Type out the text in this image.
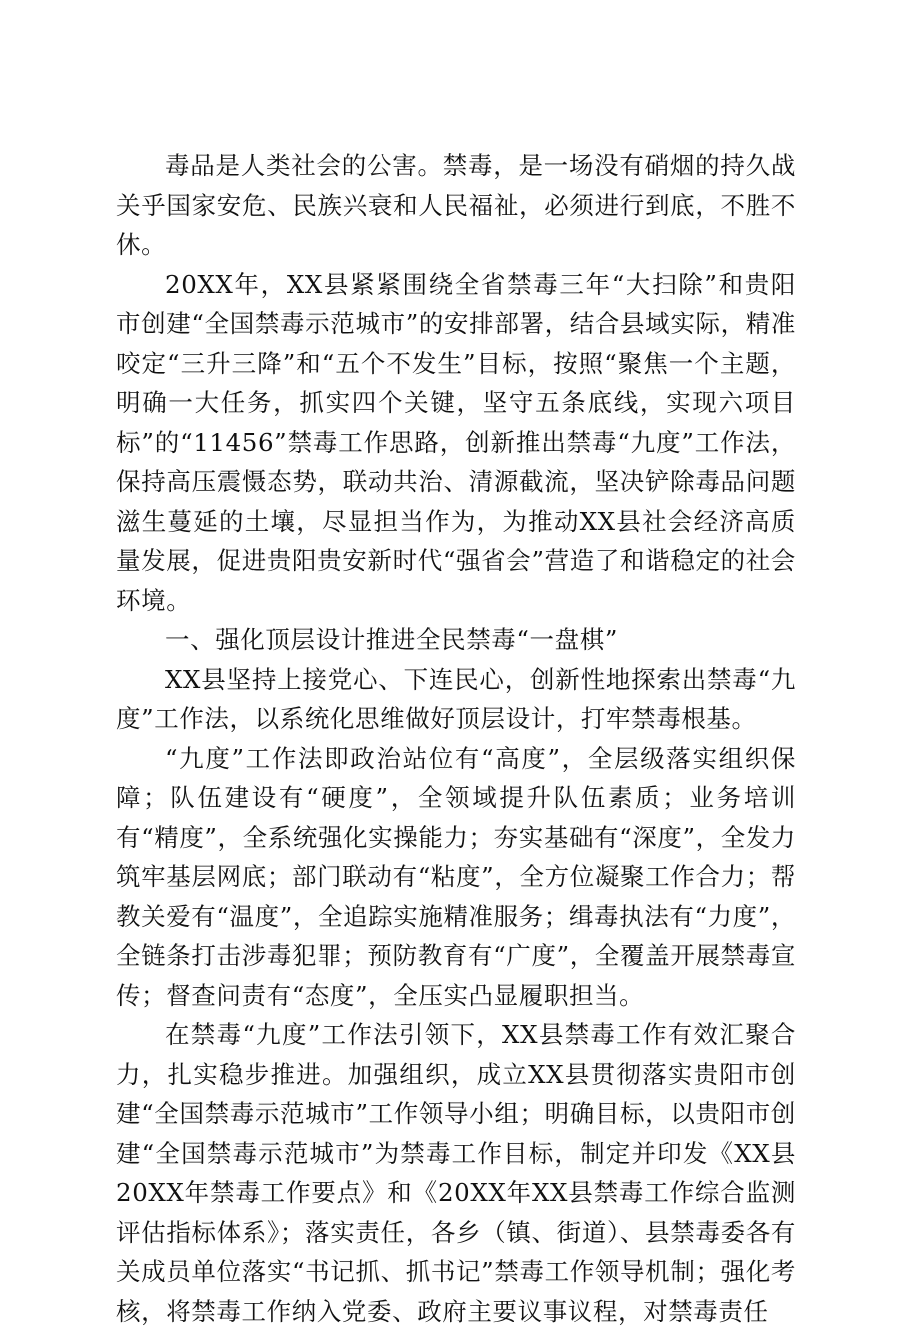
毒品是人类社会的公害。禁毒，是一场没有硝烟的持久战关乎国家安危、民族兴衰和人民福祉，必须进行到底，不胜不休。

20XX年，XX县紧紧围绕全省禁毒三年“大扫除”和贵阳市创建“全国禁毒示范城市”的安排部署，结合县域实际，精准咬定“三升三降”和“五个不发生”目标，按照“聚焦一个主题，明确一大任务，抓实四个关键，坚守五条底线，实现六项目标”的“11456”禁毒工作思路，创新推出禁毒“九度”工作法，保持高压震慑态势，联动共治、清源截流，坚决铲除毒品问题滋生蔓延的土壤，尽显担当作为，为推动XX县社会经济高质量发展，促进贵阳贵安新时代“强省会”营造了和谐稳定的社会环境。

一、强化顶层设计推进全民禁毒“一盘棋”

XX县坚持上接党心、下连民心，创新性地探索出禁毒“九度”工作法，以系统化思维做好顶层设计，打牢禁毒根基。

“九度”工作法即政治站位有“高度”，全层级落实组织保障；队伍建设有“硬度”，全领域提升队伍素质；业务培训有“精度”，全系统强化实操能力；夯实基础有“深度”，全发力筑牢基层网底；部门联动有“粘度”，全方位凝聚工作合力；帮教关爱有“温度”，全追踪实施精准服务；缉毒执法有“力度”，全链条打击涉毒犯罪；预防教育有“广度”，全覆盖开展禁毒宣传；督查问责有“态度”，全压实凸显履职担当。

在禁毒“九度”工作法引领下，XX县禁毒工作有效汇聚合力，扎实稳步推进。加强组织，成立XX县贯彻落实贵阳市创建“全国禁毒示范城市”工作领导小组；明确目标，以贵阳市创建“全国禁毒示范城市”为禁毒工作目标，制定并印发《XX县20XX年禁毒工作要点》和《20XX年XX县禁毒工作综合监测评估指标体系》；落实责任，各乡（镇、街道）、县禁毒委各有关成员单位落实“书记抓、抓书记”禁毒工作领导机制；强化考核，将禁毒工作纳入党委、政府主要议事议程，对禁毒责任
